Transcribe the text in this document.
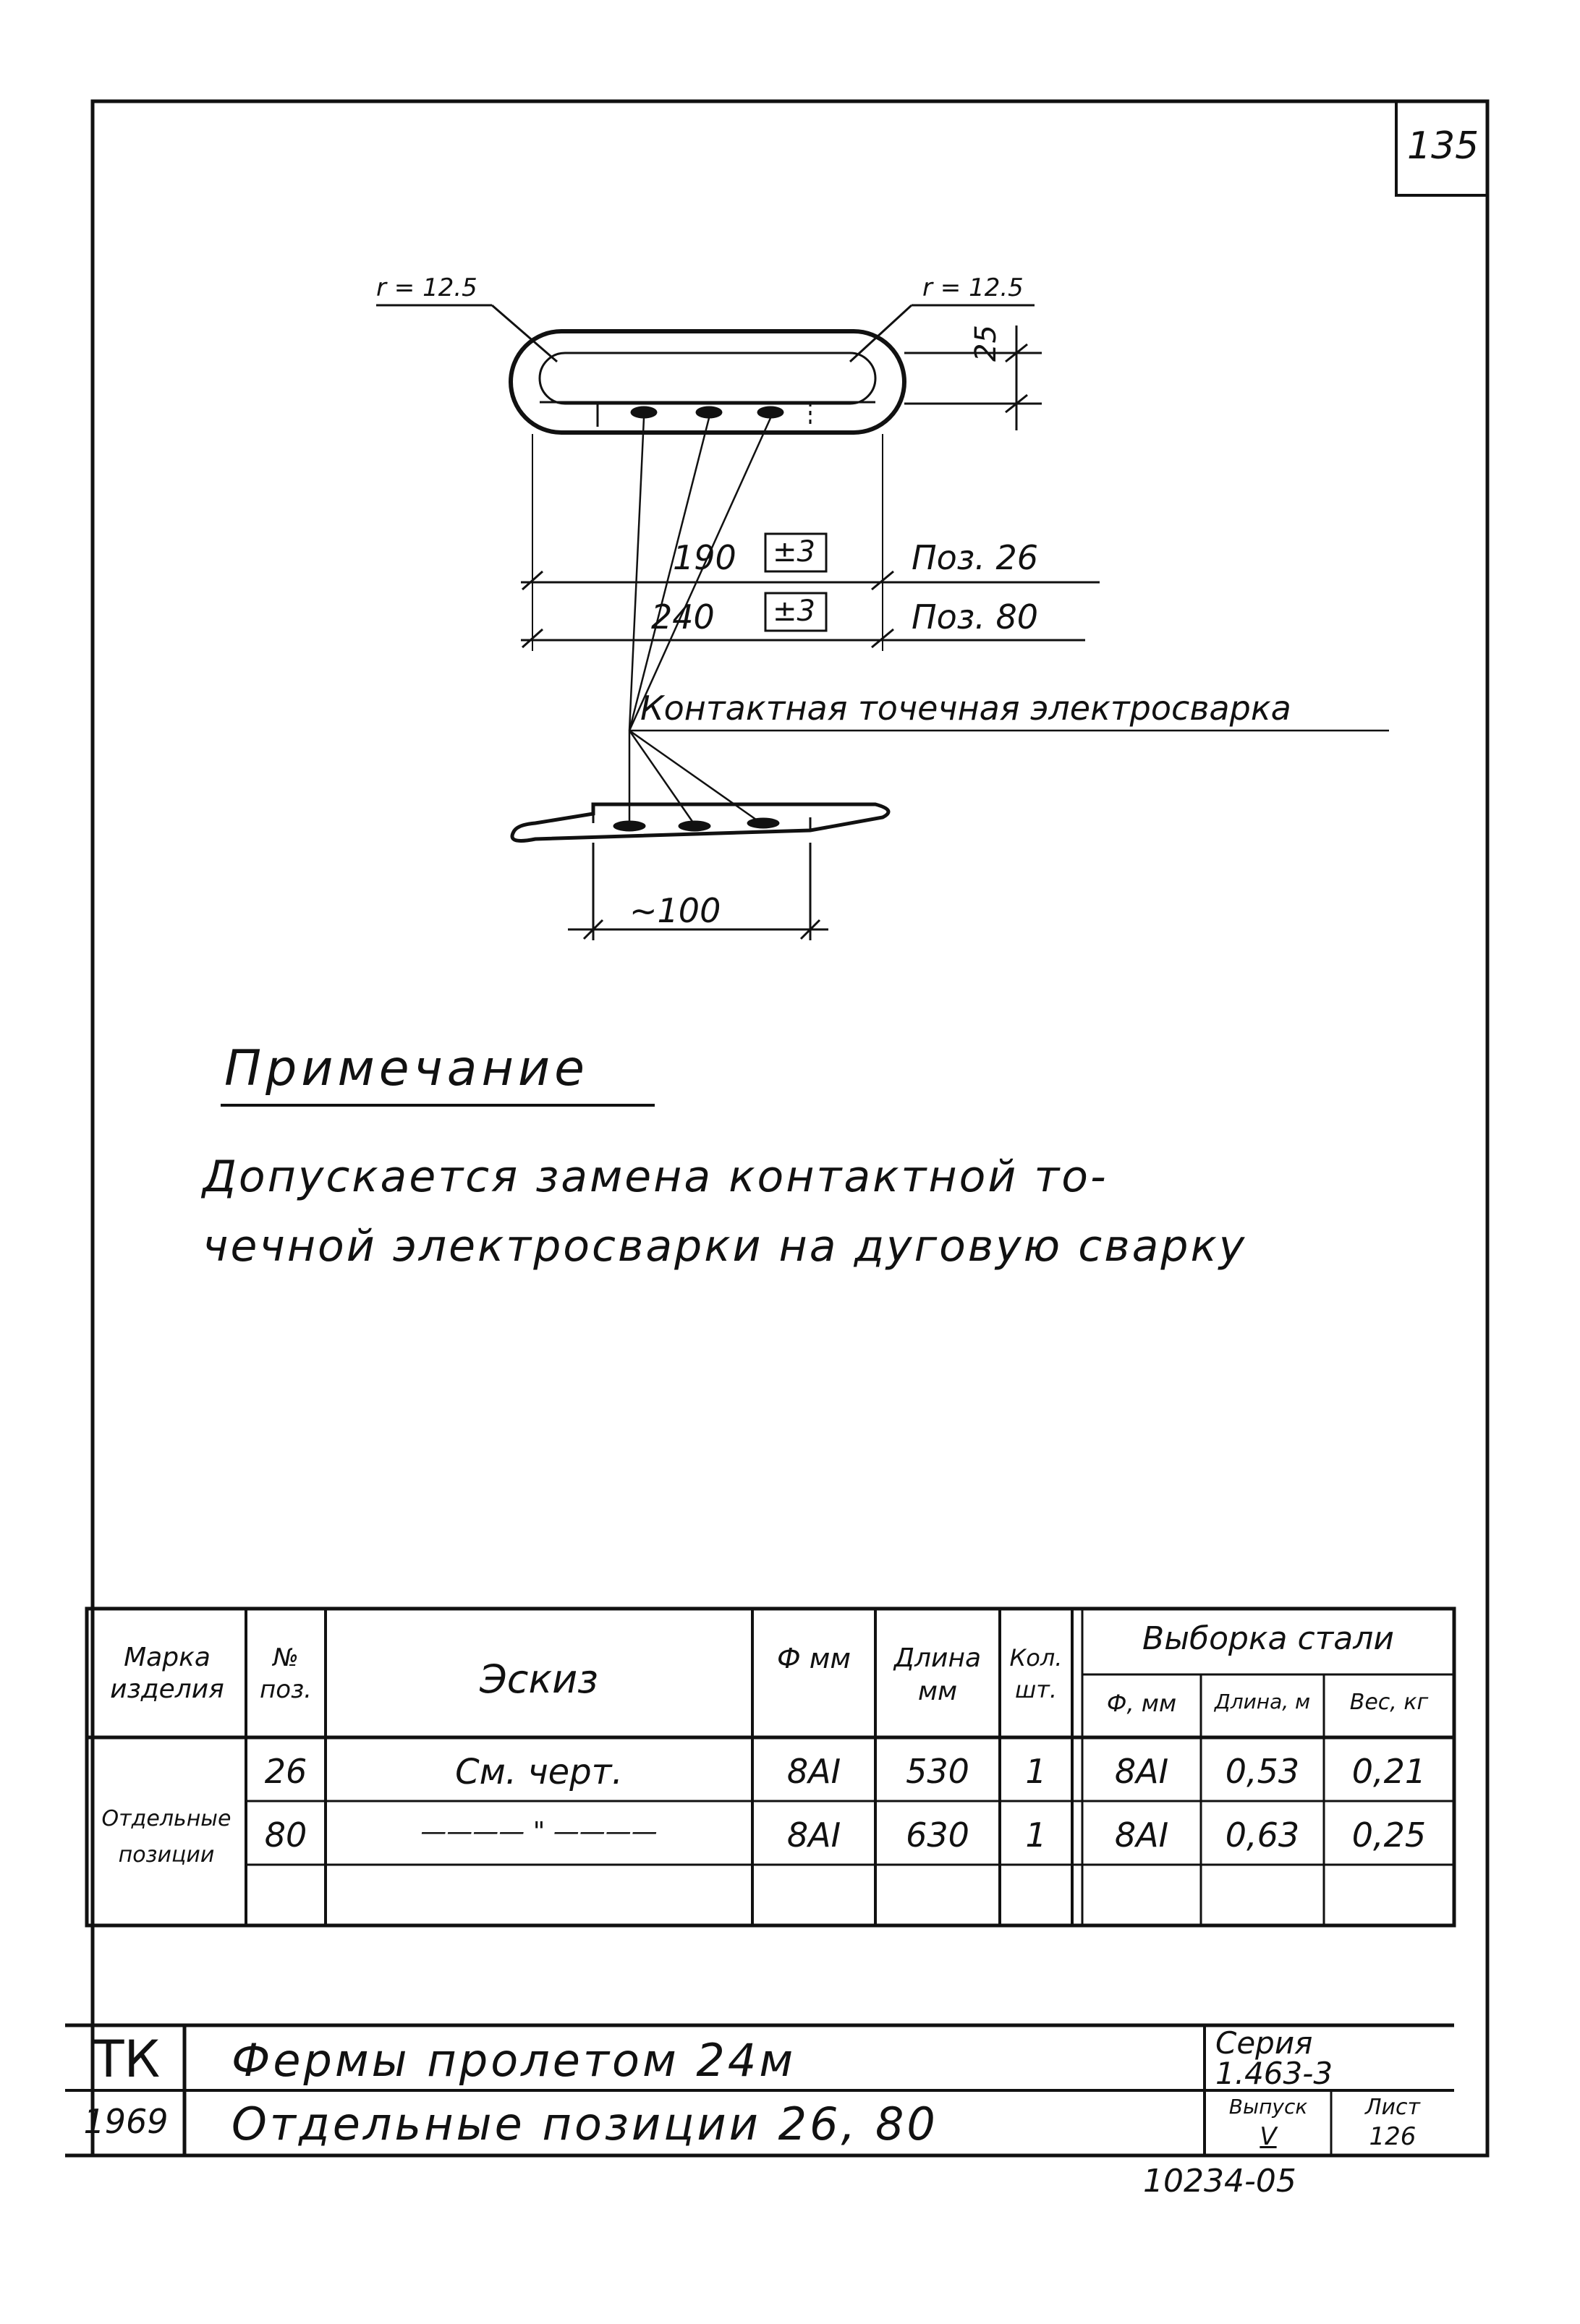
135
r = 12.5	r = 12.5
25
190 ±3	Поз. 26
240 ±3	Поз. 80
Контактная точечная электросварка
~100
Примечание
Допускается замена контактной то-
чечной электросварки на дуговую сварку
Марка изделия
№ поз.	Эскиз	Ф мм	Длина мм
Кол. шт.
Выборка стали
Ф, мм	Длина, м	Вес, кг
Отдельные позиции
26	См. черт.	8AI	530	1	8AI	0,53	0,21
80	———— " ————	8AI	630	1	8AI	0,63	0,25
ТК
1969
Фермы пролетом 24м
Отдельные позиции 26, 80
Серия
1.463-3
Выпуск
V
Лист
126
10234-05
